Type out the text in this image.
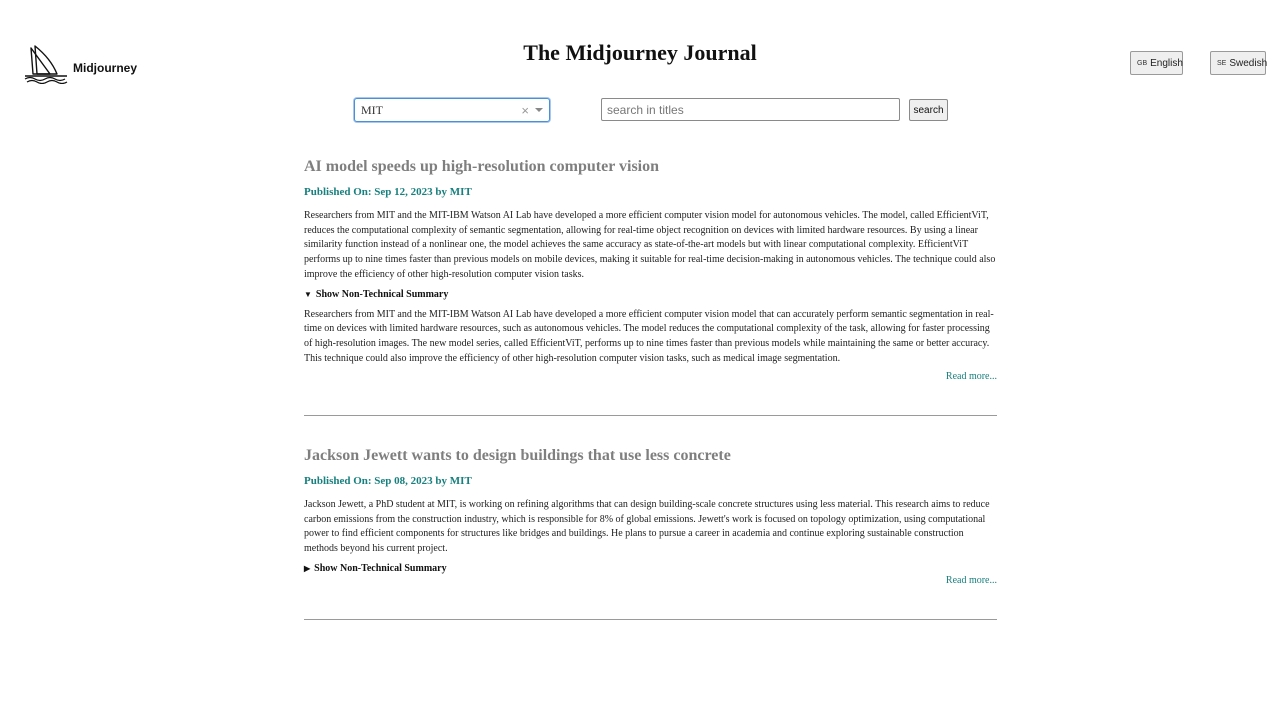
Midjourney
The Midjourney Journal	GB English	SE Swedish
MIT	×
search in titles	search
AI model speeds up high-resolution computer vision
Published On: Sep 12, 2023 by MIT
Researchers from MIT and the MIT-IBM Watson AI Lab have developed a more efficient computer vision model for autonomous vehicles. The model, called EfficientViT, reduces the computational complexity of semantic segmentation, allowing for real-time object recognition on devices with limited hardware resources. By using a linear similarity function instead of a nonlinear one, the model achieves the same accuracy as state-of-the-art models but with linear computational complexity. EfficientViT performs up to nine times faster than previous models on mobile devices, making it suitable for real-time decision-making in autonomous vehicles. The technique could also improve the efficiency of other high-resolution computer vision tasks.
▼ Show Non-Technical Summary
Researchers from MIT and the MIT-IBM Watson AI Lab have developed a more efficient computer vision model that can accurately perform semantic segmentation in real-time on devices with limited hardware resources, such as autonomous vehicles. The model reduces the computational complexity of the task, allowing for faster processing of high-resolution images. The new model series, called EfficientViT, performs up to nine times faster than previous models while maintaining the same or better accuracy. This technique could also improve the efficiency of other high-resolution computer vision tasks, such as medical image segmentation.
Read more...
Jackson Jewett wants to design buildings that use less concrete
Published On: Sep 08, 2023 by MIT
Jackson Jewett, a PhD student at MIT, is working on refining algorithms that can design building-scale concrete structures using less material. This research aims to reduce carbon emissions from the construction industry, which is responsible for 8% of global emissions. Jewett's work is focused on topology optimization, using computational power to find efficient components for structures like bridges and buildings. He plans to pursue a career in academia and continue exploring sustainable construction methods beyond his current project.
▶ Show Non-Technical Summary
Read more...
